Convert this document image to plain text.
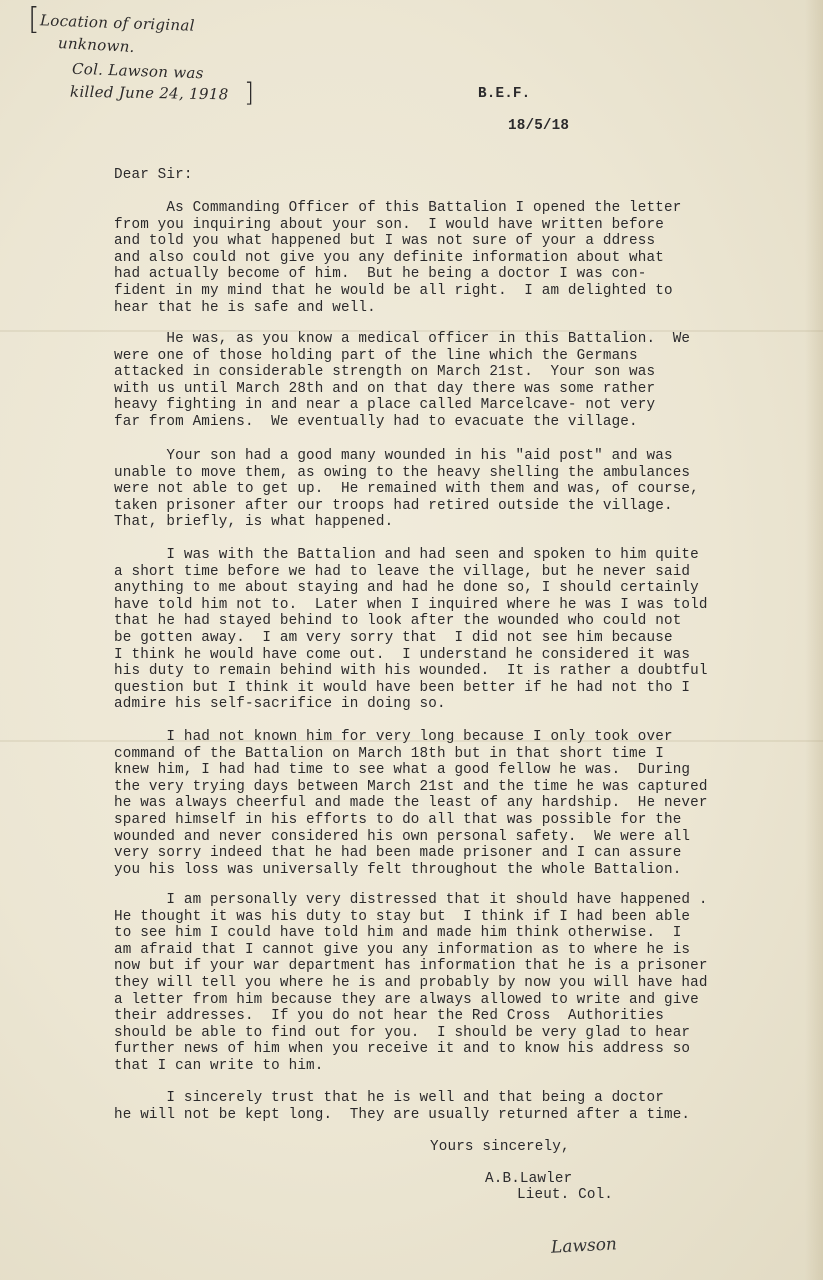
[ Location of original
unknown.
Col. Lawson was
killed June 24, 1918 ]	B.E.F.
18/5/18
Dear Sir:
As Commanding Officer of this Battalion I opened the letter
from you inquiring about your son.  I would have written before
and told you what happened but I was not sure of your a ddress
and also could not give you any definite information about what
had actually become of him.  But he being a doctor I was con-
fident in my mind that he would be all right.  I am delighted to
hear that he is safe and well.
He was, as you know a medical officer in this Battalion.  We
were one of those holding part of the line which the Germans
attacked in considerable strength on March 21st.  Your son was
with us until March 28th and on that day there was some rather
heavy fighting in and near a place called Marcelcave- not very
far from Amiens.  We eventually had to evacuate the village.
Your son had a good many wounded in his "aid post" and was
unable to move them, as owing to the heavy shelling the ambulances
were not able to get up.  He remained with them and was, of course,
taken prisoner after our troops had retired outside the village.
That, briefly, is what happened.
I was with the Battalion and had seen and spoken to him quite
a short time before we had to leave the village, but he never said
anything to me about staying and had he done so, I should certainly
have told him not to.  Later when I inquired where he was I was told
that he had stayed behind to look after the wounded who could not
be gotten away.  I am very sorry that  I did not see him because
I think he would have come out.  I understand he considered it was
his duty to remain behind with his wounded.  It is rather a doubtful
question but I think it would have been better if he had not tho I
admire his self-sacrifice in doing so.
I had not known him for very long because I only took over
command of the Battalion on March 18th but in that short time I
knew him, I had had time to see what a good fellow he was.  During
the very trying days between March 21st and the time he was captured
he was always cheerful and made the least of any hardship.  He never
spared himself in his efforts to do all that was possible for the
wounded and never considered his own personal safety.  We were all
very sorry indeed that he had been made prisoner and I can assure
you his loss was universally felt throughout the whole Battalion.
I am personally very distressed that it should have happened .
He thought it was his duty to stay but  I think if I had been able
to see him I could have told him and made him think otherwise.  I
am afraid that I cannot give you any information as to where he is
now but if your war department has information that he is a prisoner
they will tell you where he is and probably by now you will have had
a letter from him because they are always allowed to write and give
their addresses.  If you do not hear the Red Cross  Authorities
should be able to find out for you.  I should be very glad to hear
further news of him when you receive it and to know his address so
that I can write to him.
I sincerely trust that he is well and that being a doctor
he will not be kept long.  They are usually returned after a time.
Yours sincerely,
A.B.Lawler
Lieut. Col.
Lawson
